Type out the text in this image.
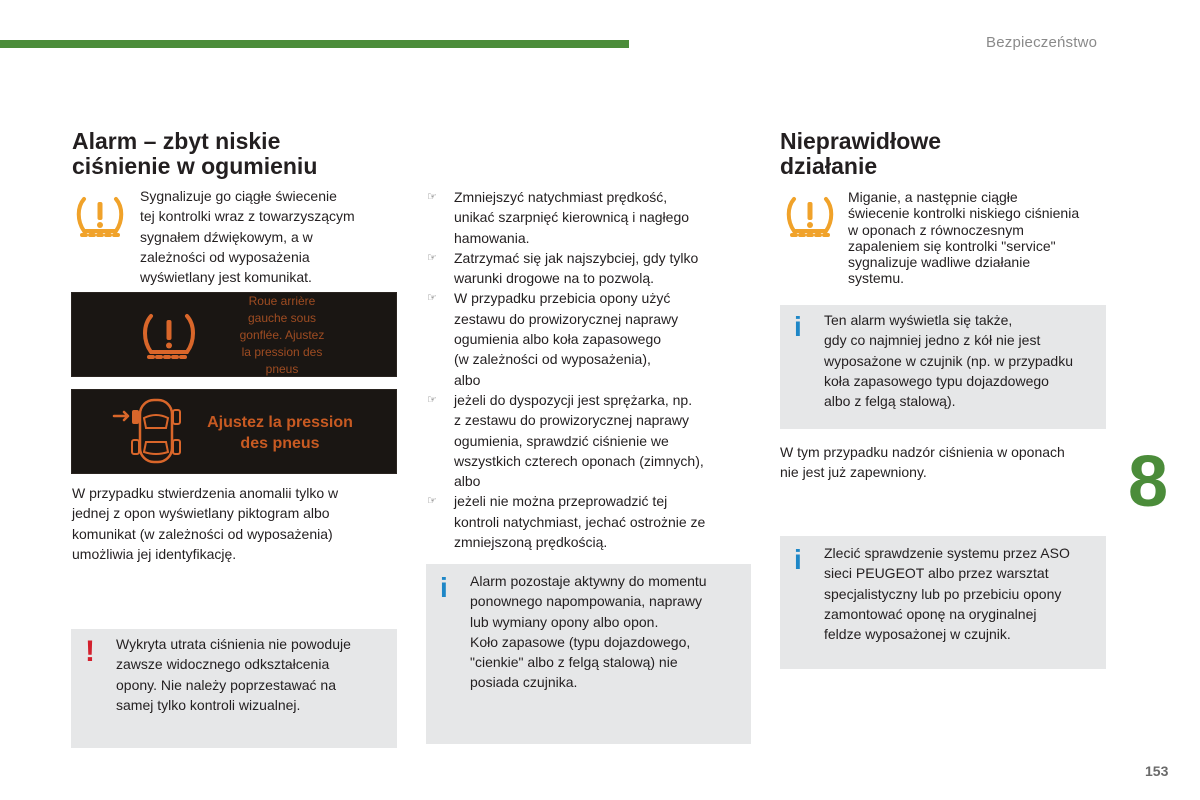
Bezpieczeństwo
Alarm – zbyt niskie
ciśnienie w ogumieniu
Sygnalizuje go ciągłe świecenie
tej kontrolki wraz z towarzyszącym
sygnałem dźwiękowym, a w
zależności od wyposażenia
wyświetlany jest komunikat.
Roue arrière
gauche sous
gonflée. Ajustez
la pression des
pneus
Ajustez la pression
des pneus
W przypadku stwierdzenia anomalii tylko w
jednej z opon wyświetlany piktogram albo
komunikat (w zależności od wyposażenia)
umożliwia jej identyfikację.
! Wykryta utrata ciśnienia nie powoduje
zawsze widocznego odkształcenia
opony. Nie należy poprzestawać na
samej tylko kontroli wizualnej.
☞ Zmniejszyć natychmiast prędkość,
unikać szarpnięć kierownicą i nagłego
hamowania.
☞ Zatrzymać się jak najszybciej, gdy tylko
warunki drogowe na to pozwolą.
☞ W przypadku przebicia opony użyć
zestawu do prowizorycznej naprawy
ogumienia albo koła zapasowego
(w zależności od wyposażenia),
albo
☞ jeżeli do dyspozycji jest sprężarka, np.
z zestawu do prowizorycznej naprawy
ogumienia, sprawdzić ciśnienie we
wszystkich czterech oponach (zimnych),
albo
☞ jeżeli nie można przeprowadzić tej
kontroli natychmiast, jechać ostrożnie ze
zmniejszoną prędkością.
i Alarm pozostaje aktywny do momentu
ponownego napompowania, naprawy
lub wymiany opony albo opon.
Koło zapasowe (typu dojazdowego,
"cienkie" albo z felgą stalową) nie
posiada czujnika.
Nieprawidłowe
działanie
Miganie, a następnie ciągłe
świecenie kontrolki niskiego ciśnienia
w oponach z równoczesnym
zapaleniem się kontrolki "service"
sygnalizuje wadliwe działanie
systemu.
i Ten alarm wyświetla się także,
gdy co najmniej jedno z kół nie jest
wyposażone w czujnik (np. w przypadku
koła zapasowego typu dojazdowego
albo z felgą stalową).
W tym przypadku nadzór ciśnienia w oponach
nie jest już zapewniony.
i Zlecić sprawdzenie systemu przez ASO
sieci PEUGEOT albo przez warsztat
specjalistyczny lub po przebiciu opony
zamontować oponę na oryginalnej
feldze wyposażonej w czujnik.
8
153
